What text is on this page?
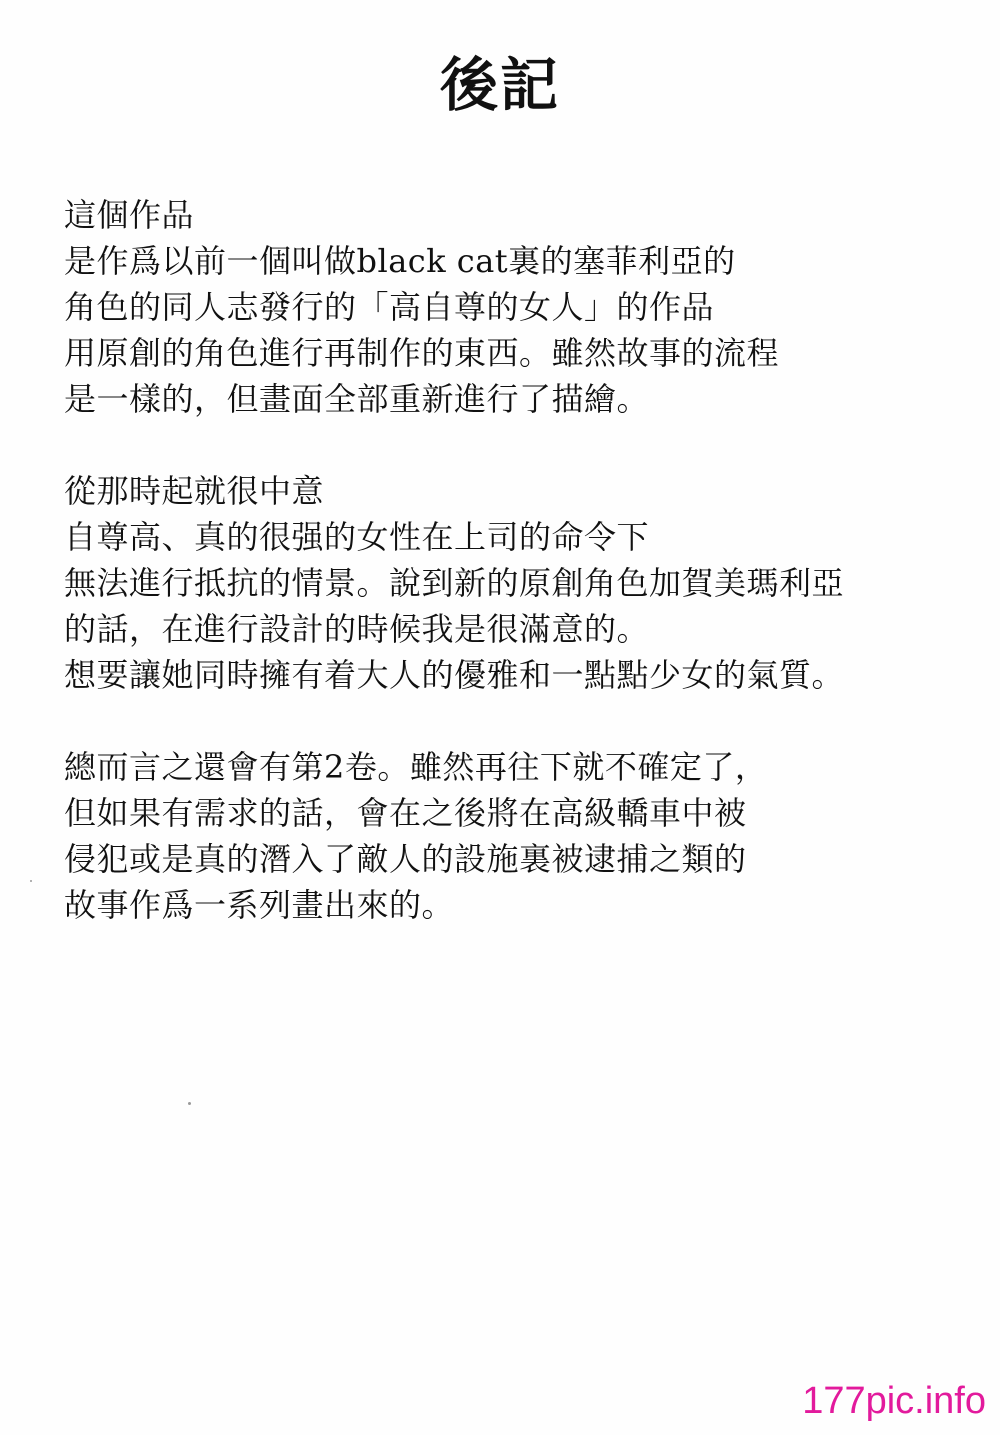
後記
這個作品
是作爲以前一個叫做black cat裏的塞菲利亞的
角色的同人志發行的「高自尊的女人」的作品
用原創的角色進行再制作的東西。雖然故事的流程
是一樣的，但畫面全部重新進行了描繪。
從那時起就很中意
自尊高、真的很强的女性在上司的命令下
無法進行抵抗的情景。說到新的原創角色加賀美瑪利亞
的話，在進行設計的時候我是很滿意的。
想要讓她同時擁有着大人的優雅和一點點少女的氣質。
總而言之還會有第2卷。雖然再往下就不確定了，
但如果有需求的話，會在之後將在高級轎車中被
侵犯或是真的潛入了敵人的設施裏被逮捕之類的
故事作爲一系列畫出來的。
177pic.info
